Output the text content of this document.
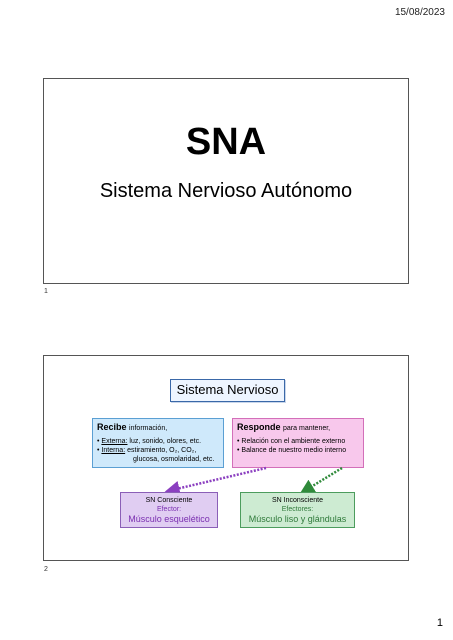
15/08/2023
SNA
Sistema Nervioso Autónomo
1
Sistema Nervioso
Recibe información,
• Externa: luz, sonido, olores, etc.
• Interna: estiramiento, O₂, CO₂,
glucosa, osmolaridad, etc.
Responde para mantener,
• Relación con el ambiente externo
• Balance de nuestro medio interno
SN Consciente
Efector:
Músculo esquelético
SN Inconsciente
Efectores:
Músculo liso y glándulas
2
1
